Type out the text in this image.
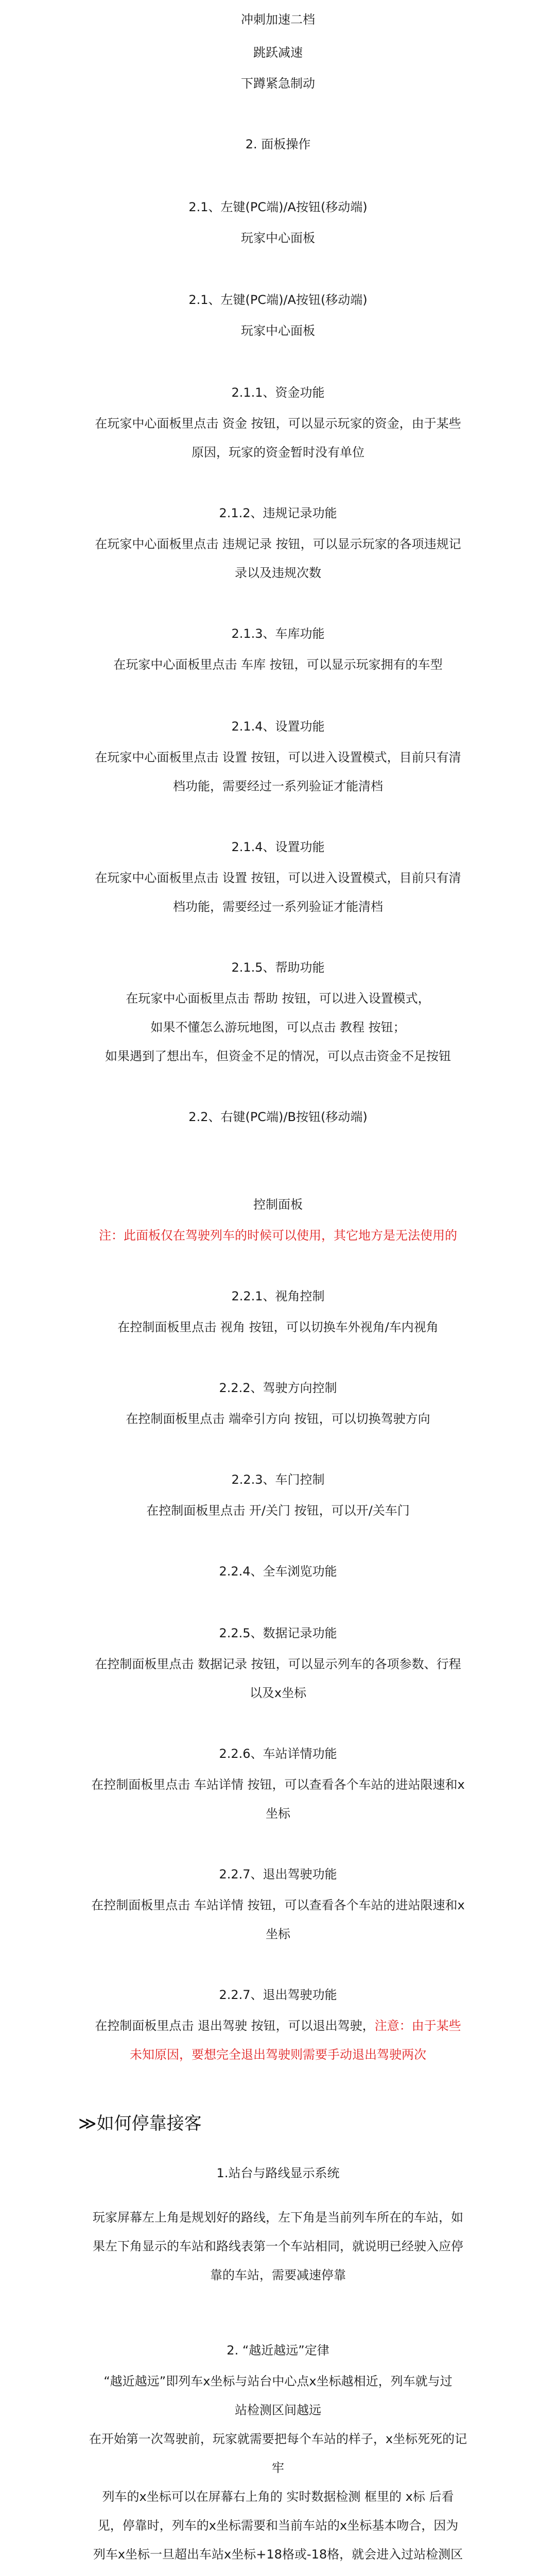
冲刺加速二档
跳跃减速
下蹲紧急制动
2. 面板操作
2.1、左键(PC端)/A按钮(移动端)
玩家中心面板
2.1、左键(PC端)/A按钮(移动端)
玩家中心面板
2.1.1、资金功能
在玩家中心面板里点击 资金 按钮，可以显示玩家的资金，由于某些
原因，玩家的资金暂时没有单位
2.1.2、违规记录功能
在玩家中心面板里点击 违规记录 按钮，可以显示玩家的各项违规记
录以及违规次数
2.1.3、车库功能
在玩家中心面板里点击 车库 按钮，可以显示玩家拥有的车型
2.1.4、设置功能
在玩家中心面板里点击 设置 按钮，可以进入设置模式，目前只有清
档功能，需要经过一系列验证才能清档
2.1.4、设置功能
在玩家中心面板里点击 设置 按钮，可以进入设置模式，目前只有清
档功能，需要经过一系列验证才能清档
2.1.5、帮助功能
在玩家中心面板里点击 帮助 按钮，可以进入设置模式，
如果不懂怎么游玩地图，可以点击 教程 按钮；
如果遇到了想出车，但资金不足的情况，可以点击资金不足按钮
2.2、右键(PC端)/B按钮(移动端)
控制面板
注：此面板仅在驾驶列车的时候可以使用，其它地方是无法使用的
2.2.1、视角控制
在控制面板里点击 视角 按钮，可以切换车外视角/车内视角
2.2.2、驾驶方向控制
在控制面板里点击 端牵引方向 按钮，可以切换驾驶方向
2.2.3、车门控制
在控制面板里点击 开/关门 按钮，可以开/关车门
2.2.4、全车浏览功能
2.2.5、数据记录功能
在控制面板里点击 数据记录 按钮，可以显示列车的各项参数、行程
以及x坐标
2.2.6、车站详情功能
在控制面板里点击 车站详情 按钮，可以查看各个车站的进站限速和x
坐标
2.2.7、退出驾驶功能
在控制面板里点击 车站详情 按钮，可以查看各个车站的进站限速和x
坐标
2.2.7、退出驾驶功能
在控制面板里点击 退出驾驶 按钮，可以退出驾驶，注意：由于某些
未知原因，要想完全退出驾驶则需要手动退出驾驶两次
≫如何停靠接客
1.站台与路线显示系统
玩家屏幕左上角是规划好的路线，左下角是当前列车所在的车站，如
果左下角显示的车站和路线表第一个车站相同，就说明已经驶入应停
靠的车站，需要减速停靠
2. “越近越远”定律
“越近越远”即列车x坐标与站台中心点x坐标越相近，列车就与过
站检测区间越远
在开始第一次驾驶前，玩家就需要把每个车站的样子，x坐标死死的记
牢
列车的x坐标可以在屏幕右上角的 实时数据检测 框里的 x标 后看
见，停靠时，列车的x坐标需要和当前车站的x坐标基本吻合，因为
列车x坐标一旦超出车站x坐标+18格或-18格，就会进入过站检测区
